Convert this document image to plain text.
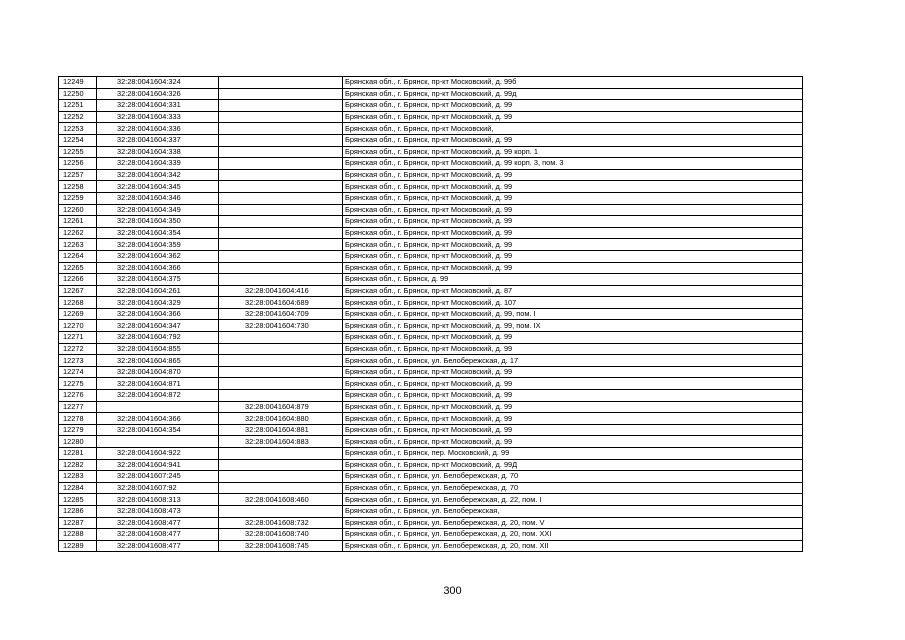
12249	32:28:0041604:324		Брянская обл., г. Брянск, пр-кт Московский, д. 99б
12250	32:28:0041604:326		Брянская обл., г. Брянск, пр-кт Московский, д. 99д
12251	32:28:0041604:331		Брянская обл., г. Брянск, пр-кт Московский, д. 99
12252	32:28:0041604:333		Брянская обл., г. Брянск, пр-кт Московский, д. 99
12253	32:28:0041604:336		Брянская обл., г. Брянск, пр-кт Московский,
12254	32:28:0041604:337		Брянская обл., г. Брянск, пр-кт Московский, д. 99
12255	32:28:0041604:338		Брянская обл., г. Брянск, пр-кт Московский, д. 99 корп. 1
12256	32:28:0041604:339		Брянская обл., г. Брянск, пр-кт Московский, д. 99 корп. 3, пом. 3
12257	32:28:0041604:342		Брянская обл., г. Брянск, пр-кт Московский, д. 99
12258	32:28:0041604:345		Брянская обл., г. Брянск, пр-кт Московский, д. 99
12259	32:28:0041604:346		Брянская обл., г. Брянск, пр-кт Московский, д. 99
12260	32:28:0041604:349		Брянская обл., г. Брянск, пр-кт Московский, д. 99
12261	32:28:0041604:350		Брянская обл., г. Брянск, пр-кт Московский, д. 99
12262	32:28:0041604:354		Брянская обл., г. Брянск, пр-кт Московский, д. 99
12263	32:28:0041604:359		Брянская обл., г. Брянск, пр-кт Московский, д. 99
12264	32:28:0041604:362		Брянская обл., г. Брянск, пр-кт Московский, д. 99
12265	32:28:0041604:366		Брянская обл., г. Брянск, пр-кт Московский, д. 99
12266	32:28:0041604:375		Брянская обл., г. Брянск, д. 99
12267	32:28:0041604:261	32:28:0041604:416	Брянская обл., г. Брянск, пр-кт Московский, д. 87
12268	32:28:0041604:329	32:28:0041604:689	Брянская обл., г. Брянск, пр-кт Московский, д. 107
12269	32:28:0041604:366	32:28:0041604:709	Брянская обл., г. Брянск, пр-кт Московский, д. 99, пом. I
12270	32:28:0041604:347	32:28:0041604:730	Брянская обл., г. Брянск, пр-кт Московский, д. 99, пом. IX
12271	32:28:0041604:792		Брянская обл., г. Брянск, пр-кт Московский, д. 99
12272	32:28:0041604:855		Брянская обл., г. Брянск, пр-кт Московский, д. 99
12273	32:28:0041604:865		Брянская обл., г. Брянск, ул. Белобережская, д. 17
12274	32:28:0041604:870		Брянская обл., г. Брянск, пр-кт Московский, д. 99
12275	32:28:0041604:871		Брянская обл., г. Брянск, пр-кт Московский, д. 99
12276	32:28:0041604:872		Брянская обл., г. Брянск, пр-кт Московский, д. 99
12277		32:28:0041604:879	Брянская обл., г. Брянск, пр-кт Московский, д. 99
12278	32:28:0041604:366	32:28:0041604:880	Брянская обл., г. Брянск, пр-кт Московский, д. 99
12279	32:28:0041604:354	32:28:0041604:881	Брянская обл., г. Брянск, пр-кт Московский, д. 99
12280		32:28:0041604:883	Брянская обл., г. Брянск, пр-кт Московский, д. 99
12281	32:28:0041604:922		Брянская обл., г. Брянск, пер. Московский, д. 99
12282	32:28:0041604:941		Брянская обл., г. Брянск, пр-кт Московский, д. 99Д
12283	32:28:0041607:245		Брянская обл., г. Брянск, ул. Белобережская, д. 70
12284	32:28:0041607:92		Брянская обл., г. Брянск, ул. Белобережская, д. 70
12285	32:28:0041608:313	32:28:0041608:460	Брянская обл., г. Брянск, ул. Белобережская, д. 22, пом. I
12286	32:28:0041608:473		Брянская обл., г. Брянск, ул. Белобережская,
12287	32:28:0041608:477	32:28:0041608:732	Брянская обл., г. Брянск, ул. Белобережская, д. 20, пом. V
12288	32:28:0041608:477	32:28:0041608:740	Брянская обл., г. Брянск, ул. Белобережская, д. 20, пом. XXI
12289	32:28:0041608:477	32:28:0041608:745	Брянская обл., г. Брянск, ул. Белобережская, д. 20, пом. XII
300
